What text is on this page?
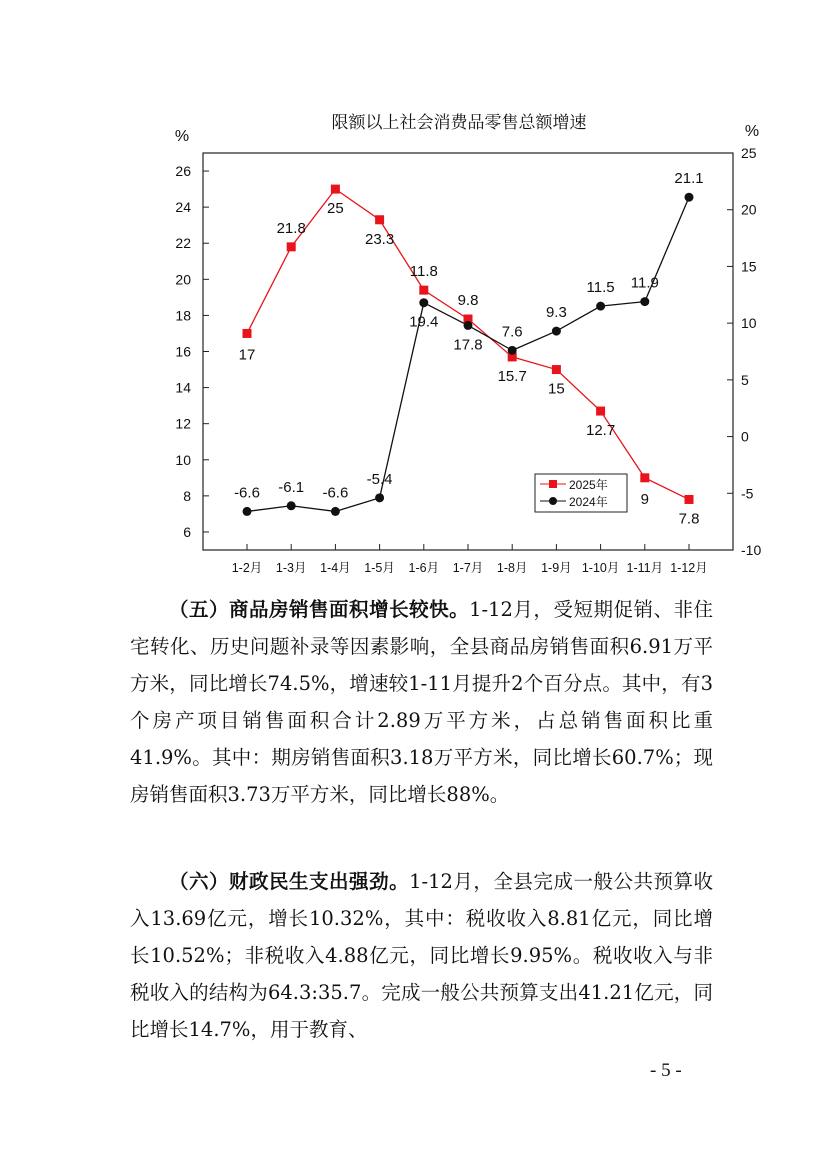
限额以上社会消费品零售总额增速
%	%
6
8
10
12
14
16
18
20
22
24
26
-10
-5
0
5
10
15
20
25
1-2月 1-3月 1-4月 1-5月 1-6月 1-7月 1-8月 1-9月 1-10月 1-11月 1-12月
17
21.8
25
23.3
11.8
9.8
15.7
15
12.7
9
7.8
-6.6 -6.1 -6.6
-5.4
19.4
17.8
7.6
9.3
11.5 11.9
21.1
2025年
2024年

（五）商品房销售面积增长较快。1-12月，受短期促销、非住宅转化、历史问题补录等因素影响，全县商品房销售面积6.91万平方米，同比增长74.5%，增速较1-11月提升2个百分点。其中，有3个房产项目销售面积合计2.89万平方米，占总销售面积比重41.9%。其中：期房销售面积3.18万平方米，同比增长60.7%；现房销售面积3.73万平方米，同比增长88%。

（六）财政民生支出强劲。1-12月，全县完成一般公共预算收入13.69亿元，增长10.32%，其中：税收收入8.81亿元，同比增长10.52%；非税收入4.88亿元，同比增长9.95%。税收收入与非税收入的结构为64.3:35.7。完成一般公共预算支出41.21亿元，同比增长14.7%，用于教育、

- 5 -
